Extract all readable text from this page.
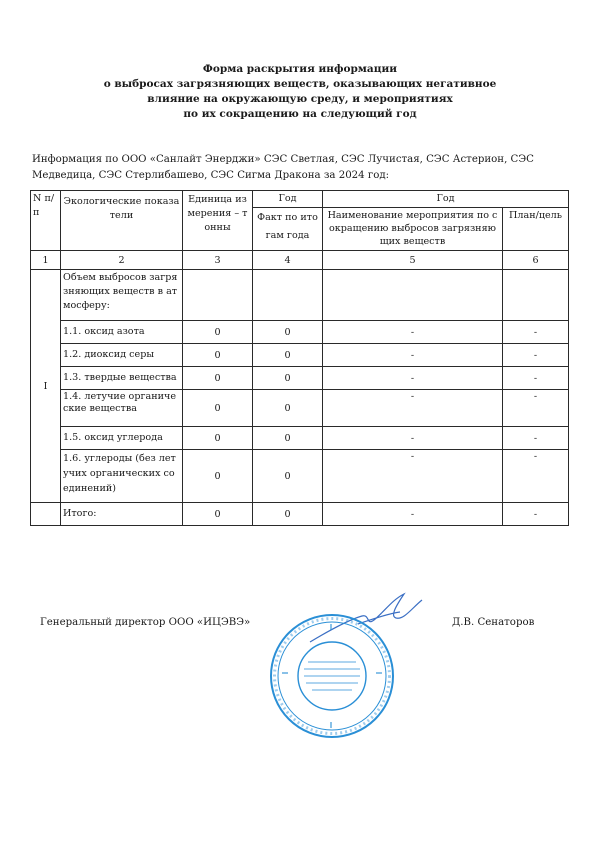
Форма раскрытия информации
о выбросах загрязняющих веществ, оказывающих негативное
влияние на окружающую среду, и мероприятиях
по их сокращению на следующий год
Информация по ООО «Санлайт Энерджи» СЭС Светлая, СЭС Лучистая, СЭС Астерион, СЭС Медведица, СЭС Стерлибашево, СЭС Сигма Дракона за 2024 год:
N п/п	Экологические показатели	Единица измерения – тонны	Год	Год	
			Факт по итогам года		
				Наименование мероприятия по сокращению выбросов загрязняющих веществ	План/цель
1	2	3	4	5	6
I	Объем выбросов загрязняющих веществ в атмосферу:				
	1.1. оксид азота	0	0	-	-
	1.2. диоксид серы	0	0	-	-
	1.3. твердые вещества	0	0	-	-
	1.4. летучие органические вещества	0	0	-	-
	1.5. оксид углерода	0	0	-	-
	1.6. углероды (без летучих органических соединений)	0	0	-	-
	Итого:	0	0	-	-
Генеральный директор ООО «ИЦЭВЭ»	Д.В. Сенаторов
